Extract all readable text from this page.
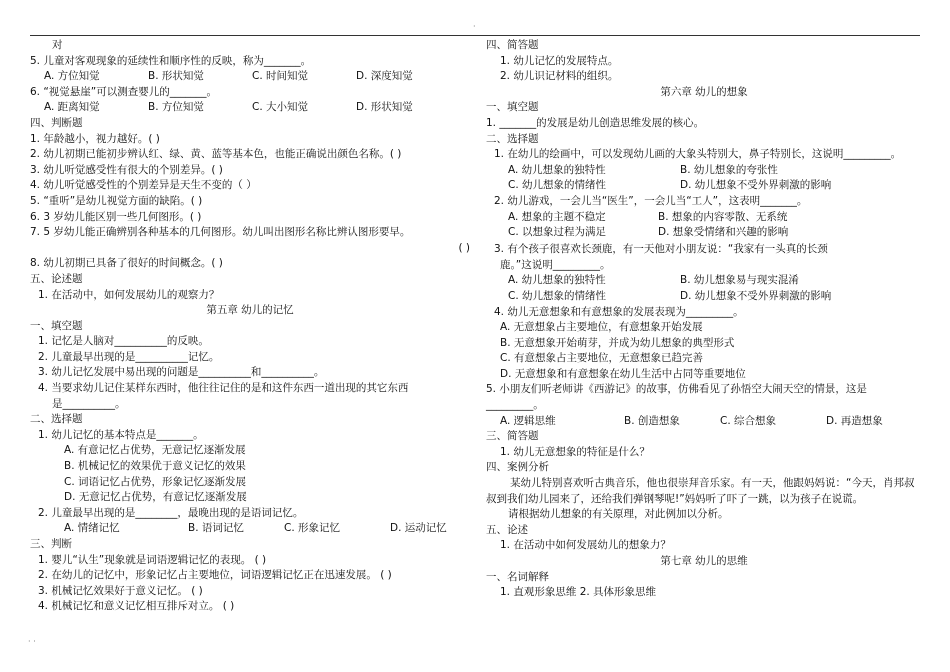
·
· ·
对
5. 儿童对客观现象的延续性和顺序性的反映，称为_______。
A. 方位知觉	B. 形状知觉	C. 时间知觉	D. 深度知觉
6. “视觉悬崖”可以测查婴儿的_______。
A. 距离知觉	B. 方位知觉	C. 大小知觉	D. 形状知觉
四、判断题
1. 年龄越小，视力越好。( )
2. 幼儿初期已能初步辨认红、绿、黄、蓝等基本色，也能正确说出颜色名称。( )
3. 幼儿听觉感受性有很大的个别差异。( )
4. 幼儿听觉感受性的个别差异是天生不变的（ ）
5. “重听”是幼儿视觉方面的缺陷。( )
6. 3 岁幼儿能区别一些几何图形。( )
7. 5 岁幼儿能正确辨别各种基本的几何图形。幼儿叫出图形名称比辨认图形要早。
( )
8. 幼儿初期已具备了很好的时间概念。( )
五、论述题
1. 在活动中，如何发展幼儿的观察力？
第五章 幼儿的记忆
一、填空题
1. 记忆是人脑对__________的反映。
2. 儿童最早出现的是__________记忆。
3. 幼儿记忆发展中易出现的问题是__________和__________。
4. 当要求幼儿记住某样东西时，他往往记住的是和这件东西一道出现的其它东西
是__________。
二、选择题
1. 幼儿记忆的基本特点是_______。
A. 有意记忆占优势，无意记忆逐渐发展
B. 机械记忆的效果优于意义记忆的效果
C. 词语记忆占优势，形象记忆逐渐发展
D. 无意记忆占优势，有意记忆逐渐发展
2. 儿童最早出现的是________，最晚出现的是语词记忆。
A. 情绪记忆	B. 语词记忆	C. 形象记忆	D. 运动记忆
三、判断
1. 婴儿“认生”现象就是词语逻辑记忆的表现。 ( )
2. 在幼儿的记忆中，形象记忆占主要地位，词语逻辑记忆正在迅速发展。 ( )
3. 机械记忆效果好于意义记忆。 ( )
4. 机械记忆和意义记忆相互排斥对立。 ( )
四、简答题
1. 幼儿记忆的发展特点。
2. 幼儿识记材料的组织。
第六章 幼儿的想象
一、填空题
1. _______的发展是幼儿创造思维发展的核心。
二、选择题
1. 在幼儿的绘画中，可以发现幼儿画的大象头特别大，鼻子特别长，这说明_________。
A. 幼儿想象的独特性	B. 幼儿想象的夸张性
C. 幼儿想象的情绪性	D. 幼儿想象不受外界刺激的影响
2. 幼儿游戏，一会儿当“医生”，一会儿当“工人”，这表明_______。
A. 想象的主题不稳定	B. 想象的内容零散、无系统
C. 以想象过程为满足	D. 想象受情绪和兴趣的影响
3. 有个孩子很喜欢长颈鹿，有一天他对小朋友说：“我家有一头真的长颈
鹿。”这说明_________。
A. 幼儿想象的独特性	B. 幼儿想象易与现实混淆
C. 幼儿想象的情绪性	D. 幼儿想象不受外界刺激的影响
4. 幼儿无意想象和有意想象的发展表现为_________。
A. 无意想象占主要地位，有意想象开始发展
B. 无意想象开始萌芽，并成为幼儿想象的典型形式
C. 有意想象占主要地位，无意想象已趋完善
D. 无意想象和有意想象在幼儿生活中占同等重要地位
5. 小朋友们听老师讲《西游记》的故事，仿佛看见了孙悟空大闹天空的情景，这是
_________。
A. 逻辑思维	B. 创造想象	C. 综合想象	D. 再造想象
三、简答题
1. 幼儿无意想象的特征是什么？
四、案例分析
某幼儿特别喜欢听古典音乐，他也很崇拜音乐家。有一天，他跟妈妈说：“今天，肖邦叔叔到我们幼儿园来了，还给我们弹钢琴呢!”妈妈听了吓了一跳，以为孩子在说谎。
请根据幼儿想象的有关原理，对此例加以分析。
五、论述
1. 在活动中如何发展幼儿的想象力？
第七章 幼儿的思维
一、名词解释
1. 直观形象思维 2. 具体形象思维
